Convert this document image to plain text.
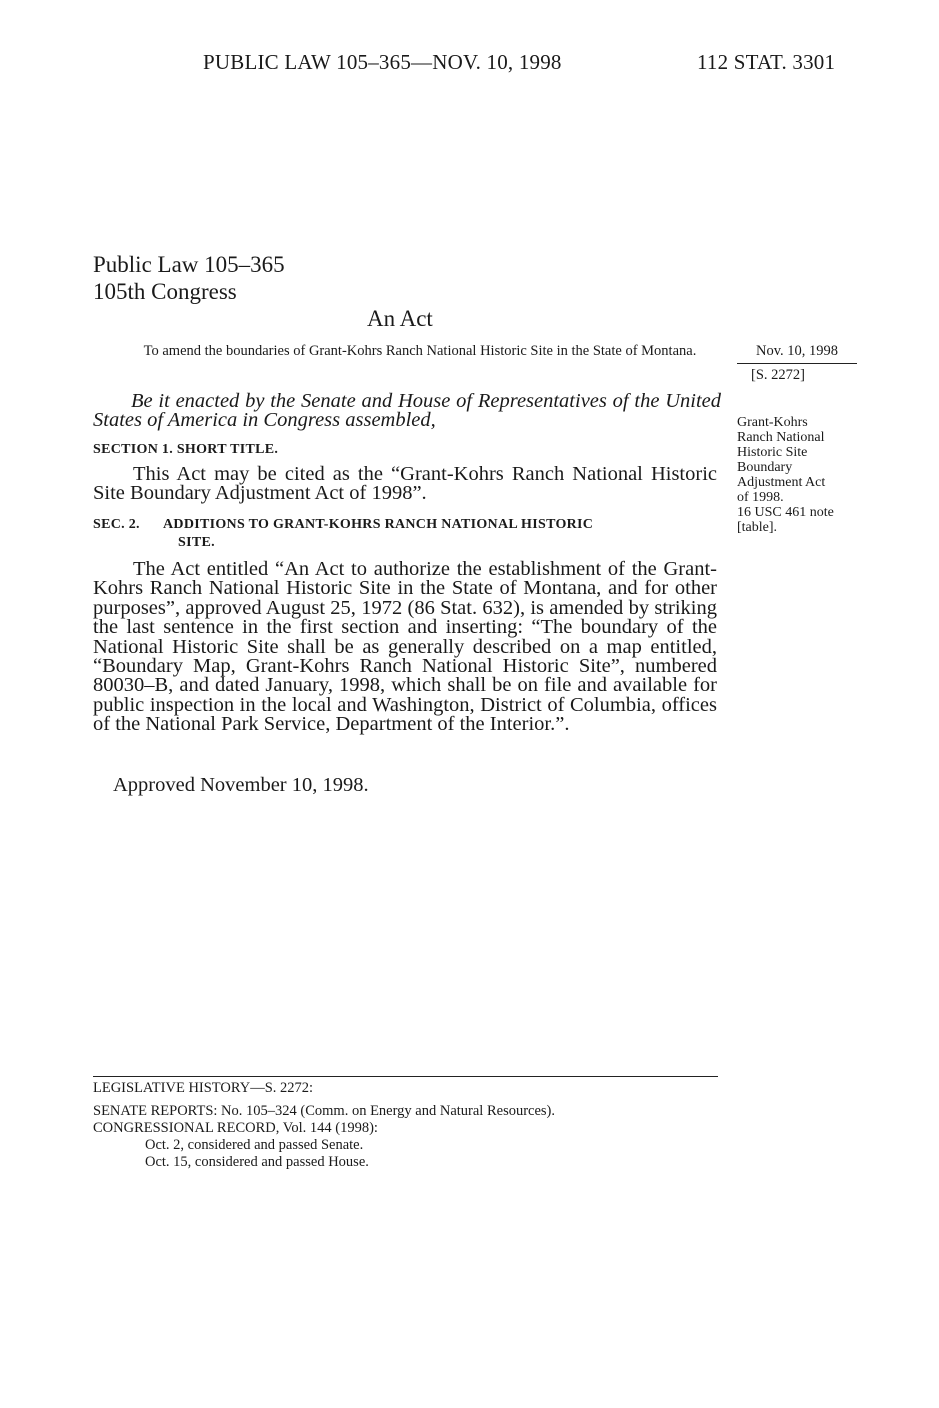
PUBLIC LAW 105–365—NOV. 10, 1998	112 STAT. 3301
Public Law 105–365
105th Congress
An Act
To amend the boundaries of Grant-Kohrs Ranch National Historic Site in the State of Montana.	Nov. 10, 1998
[S. 2272]
Be it enacted by the Senate and House of Representatives of the United States of America in Congress assembled,
SECTION 1. SHORT TITLE.
This Act may be cited as the “Grant-Kohrs Ranch National Historic Site Boundary Adjustment Act of 1998”.
SEC. 2. ADDITIONS TO GRANT-KOHRS RANCH NATIONAL HISTORIC
SITE.
The Act entitled “An Act to authorize the establishment of the Grant-Kohrs Ranch National Historic Site in the State of Montana, and for other purposes”, approved August 25, 1972 (86 Stat. 632), is amended by striking the last sentence in the first section and inserting: “The boundary of the National Historic Site shall be as generally described on a map entitled, “Boundary Map, Grant-Kohrs Ranch National Historic Site”, numbered 80030–B, and dated January, 1998, which shall be on file and available for public inspection in the local and Washington, District of Columbia, offices of the National Park Service, Department of the Interior.”.
Grant-Kohrs
Ranch National
Historic Site
Boundary
Adjustment Act
of 1998.
16 USC 461 note
[table].
Approved November 10, 1998.
LEGISLATIVE HISTORY—S. 2272:
SENATE REPORTS: No. 105–324 (Comm. on Energy and Natural Resources).
CONGRESSIONAL RECORD, Vol. 144 (1998):
Oct. 2, considered and passed Senate.
Oct. 15, considered and passed House.
